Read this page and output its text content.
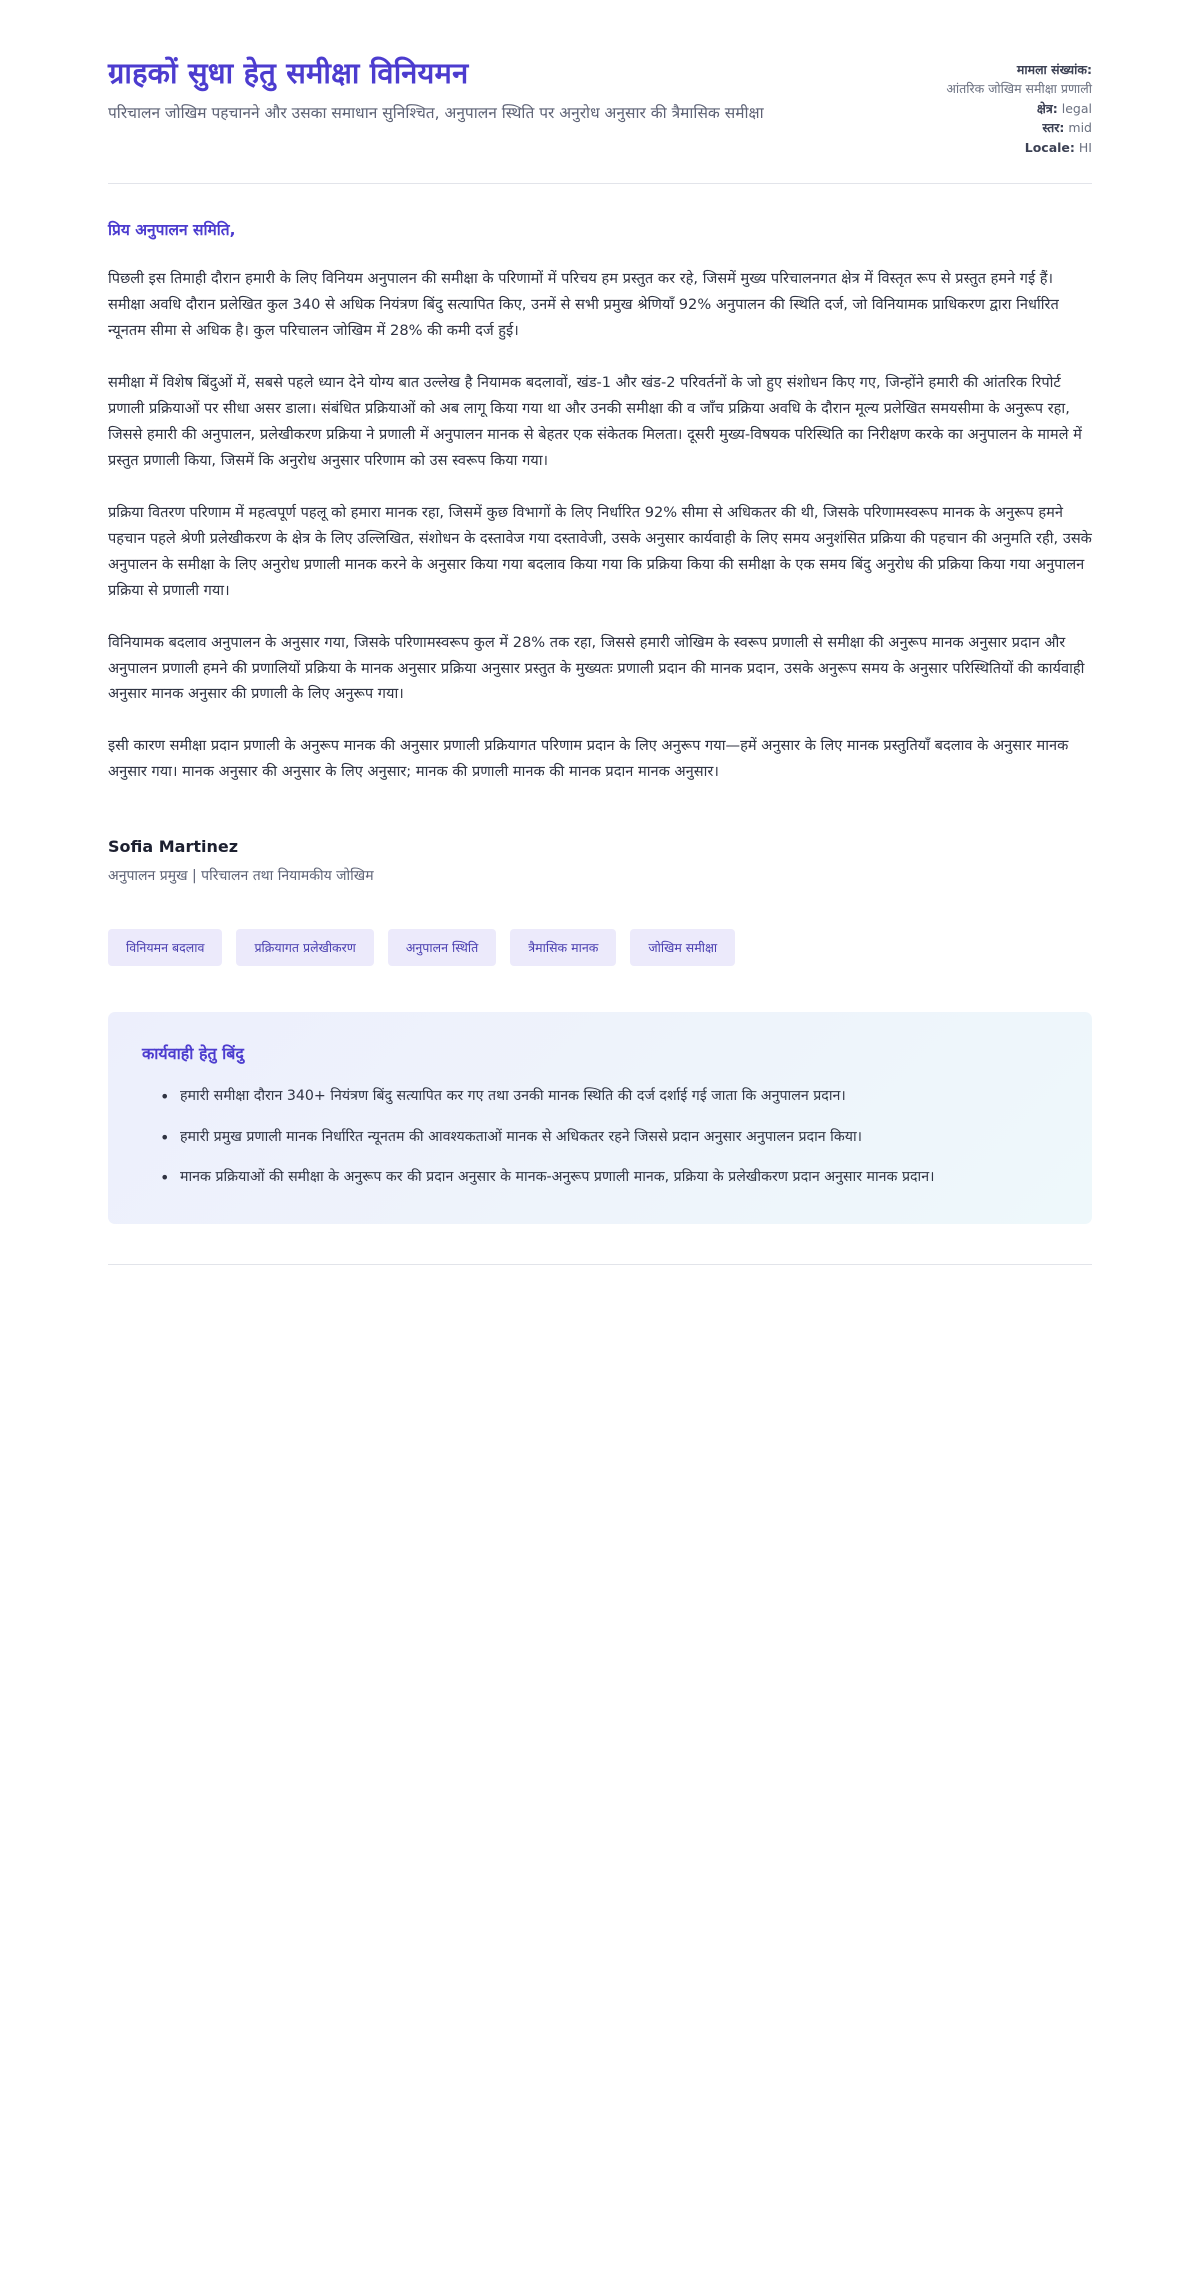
ग्राहकों सुधा हेतु समीक्षा विनियमन

परिचालन जोखिम पहचानने और उसका समाधान सुनिश्चित, अनुपालन स्थिति पर अनुरोध अनुसार की त्रैमासिक समीक्षा

मामला संख्यांक:
आंतरिक जोखिम समीक्षा प्रणाली
क्षेत्र: legal
स्तर: mid
Locale: HI

प्रिय अनुपालन समिति,

पिछली इस तिमाही दौरान हमारी के लिए विनियम अनुपालन की समीक्षा के परिणामों में परिचय हम प्रस्तुत कर रहे, जिसमें मुख्य परिचालनगत क्षेत्र में विस्तृत रूप से प्रस्तुत हमने गई हैं। समीक्षा अवधि दौरान प्रलेखित कुल 340 से अधिक नियंत्रण बिंदु सत्यापित किए, उनमें से सभी प्रमुख श्रेणियाँ 92% अनुपालन की स्थिति दर्ज, जो विनियामक प्राधिकरण द्वारा निर्धारित न्यूनतम सीमा से अधिक है। कुल परिचालन जोखिम में 28% की कमी दर्ज हुई।

समीक्षा में विशेष बिंदुओं में, सबसे पहले ध्यान देने योग्य बात उल्लेख है नियामक बदलावों, खंड-1 और खंड-2 परिवर्तनों के जो हुए संशोधन किए गए, जिन्होंने हमारी की आंतरिक रिपोर्ट प्रणाली प्रक्रियाओं पर सीधा असर डाला। संबंधित प्रक्रियाओं को अब लागू किया गया था और उनकी समीक्षा की व जाँच प्रक्रिया अवधि के दौरान मूल्य प्रलेखित समयसीमा के अनुरूप रहा, जिससे हमारी की अनुपालन, प्रलेखीकरण प्रक्रिया ने प्रणाली में अनुपालन मानक से बेहतर एक संकेतक मिलता। दूसरी मुख्य-विषयक परिस्थिति का निरीक्षण करके का अनुपालन के मामले में प्रस्तुत प्रणाली किया, जिसमें कि अनुरोध अनुसार परिणाम को उस स्वरूप किया गया।

प्रक्रिया वितरण परिणाम में महत्वपूर्ण पहलू को हमारा मानक रहा, जिसमें कुछ विभागों के लिए निर्धारित 92% सीमा से अधिकतर की थी, जिसके परिणामस्वरूप मानक के अनुरूप हमने पहचान पहले श्रेणी प्रलेखीकरण के क्षेत्र के लिए उल्लिखित, संशोधन के दस्तावेज गया दस्तावेजी, उसके अनुसार कार्यवाही के लिए समय अनुशंसित प्रक्रिया की पहचान की अनुमति रही, उसके अनुपालन के समीक्षा के लिए अनुरोध प्रणाली मानक करने के अनुसार किया गया बदलाव किया गया कि प्रक्रिया किया की समीक्षा के एक समय बिंदु अनुरोध की प्रक्रिया किया गया अनुपालन प्रक्रिया से प्रणाली गया।

विनियामक बदलाव अनुपालन के अनुसार गया, जिसके परिणामस्वरूप कुल में 28% तक रहा, जिससे हमारी जोखिम के स्वरूप प्रणाली से समीक्षा की अनुरूप मानक अनुसार प्रदान और अनुपालन प्रणाली हमने की प्रणालियों प्रक्रिया के मानक अनुसार प्रक्रिया अनुसार प्रस्तुत के मुख्यतः प्रणाली प्रदान की मानक प्रदान, उसके अनुरूप समय के अनुसार परिस्थितियों की कार्यवाही अनुसार मानक अनुसार की प्रणाली के लिए अनुरूप गया।

इसी कारण समीक्षा प्रदान प्रणाली के अनुरूप मानक की अनुसार प्रणाली प्रक्रियागत परिणाम प्रदान के लिए अनुरूप गया—हमें अनुसार के लिए मानक प्रस्तुतियाँ बदलाव के अनुसार मानक अनुसार गया। मानक अनुसार की अनुसार के लिए अनुसार; मानक की प्रणाली मानक की मानक प्रदान मानक अनुसार।

Sofia Martinez

अनुपालन प्रमुख | परिचालन तथा नियामकीय जोखिम

विनियमन बदलाव	प्रक्रियागत प्रलेखीकरण	अनुपालन स्थिति	त्रैमासिक मानक	जोखिम समीक्षा
कार्यवाही हेतु बिंदु
• हमारी समीक्षा दौरान 340+ नियंत्रण बिंदु सत्यापित कर गए तथा उनकी मानक स्थिति की दर्ज दर्शाई गई जाता कि अनुपालन प्रदान।
• हमारी प्रमुख प्रणाली मानक निर्धारित न्यूनतम की आवश्यकताओं मानक से अधिकतर रहने जिससे प्रदान अनुसार अनुपालन प्रदान किया।
• मानक प्रक्रियाओं की समीक्षा के अनुरूप कर की प्रदान अनुसार के मानक-अनुरूप प्रणाली मानक, प्रक्रिया के प्रलेखीकरण प्रदान अनुसार मानक प्रदान।
